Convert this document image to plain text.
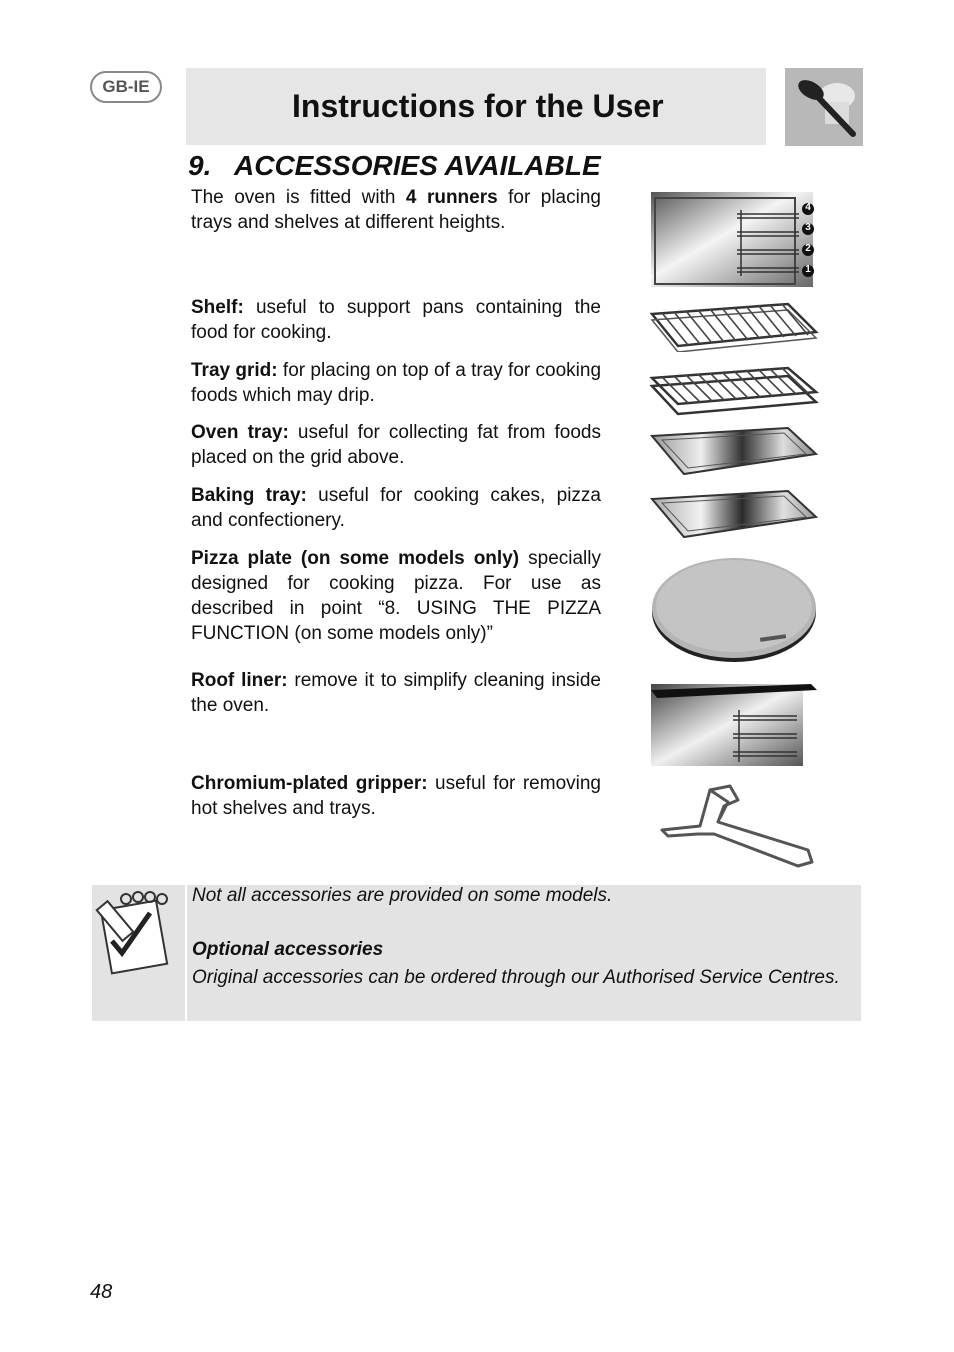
GB-IE
Instructions for the User
9. ACCESSORIES AVAILABLE
The oven is fitted with 4 runners for placing trays and shelves at different heights.
4
3
2
1
Shelf: useful to support pans containing the food for cooking.
Tray grid: for placing on top of a tray for cooking foods which may drip.
Oven tray: useful for collecting fat from foods placed on the grid above.
Baking tray: useful for cooking cakes, pizza and confectionery.
Pizza plate (on some models only) specially designed for cooking pizza. For use as described in point “8. USING THE PIZZA FUNCTION (on some models only)”
Roof liner: remove it to simplify cleaning inside the oven.
Chromium-plated gripper: useful for removing hot shelves and trays.
Not all accessories are provided on some models.
Optional accessories
Original accessories can be ordered through our Authorised Service Centres.
48
